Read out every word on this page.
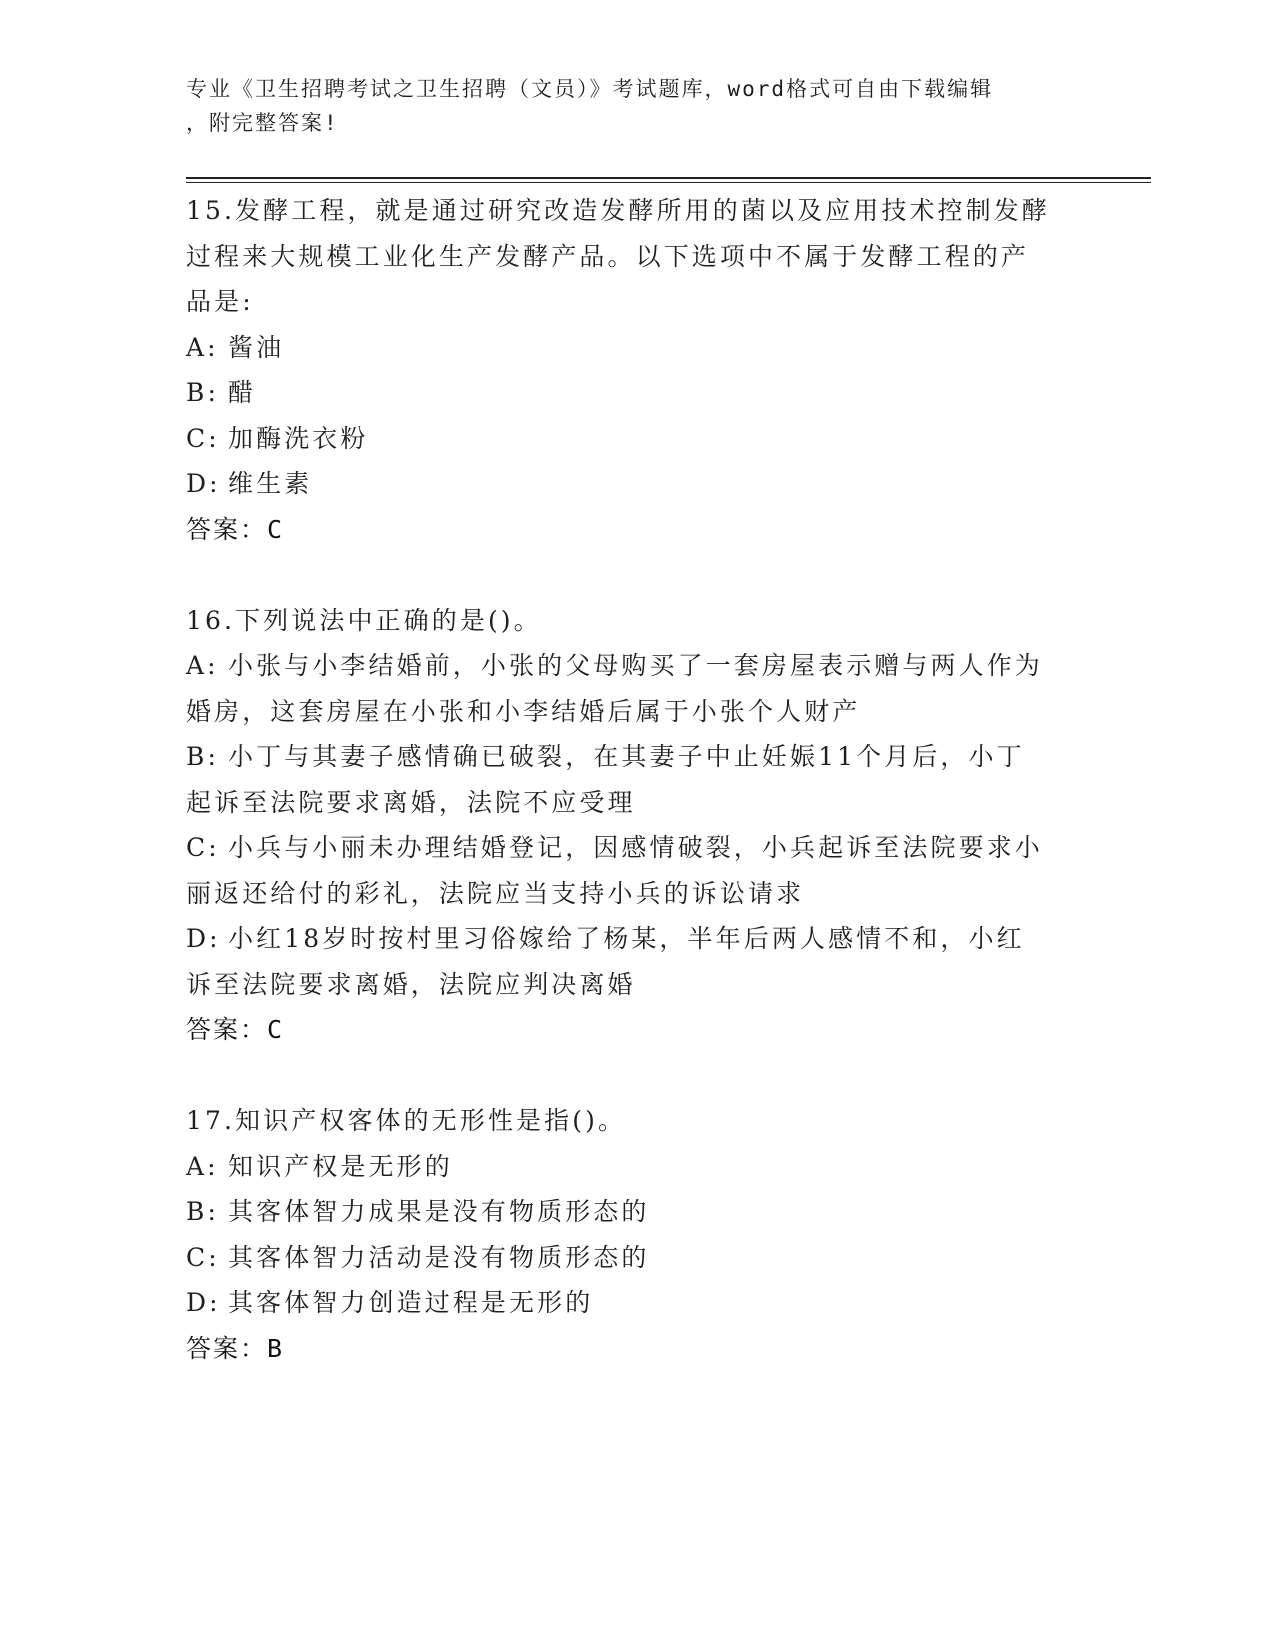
专业《卫生招聘考试之卫生招聘（文员）》考试题库，word格式可自由下载编辑
，附完整答案!
15.发酵工程，就是通过研究改造发酵所用的菌以及应用技术控制发酵
过程来大规模工业化生产发酵产品。以下选项中不属于发酵工程的产
品是:
A: 酱油
B: 醋
C: 加酶洗衣粉
D: 维生素
答案：C
16.下列说法中正确的是()。
A: 小张与小李结婚前，小张的父母购买了一套房屋表示赠与两人作为
婚房，这套房屋在小张和小李结婚后属于小张个人财产
B: 小丁与其妻子感情确已破裂，在其妻子中止妊娠11个月后，小丁
起诉至法院要求离婚，法院不应受理
C: 小兵与小丽未办理结婚登记，因感情破裂，小兵起诉至法院要求小
丽返还给付的彩礼，法院应当支持小兵的诉讼请求
D: 小红18岁时按村里习俗嫁给了杨某，半年后两人感情不和，小红
诉至法院要求离婚，法院应判决离婚
答案：C
17.知识产权客体的无形性是指()。
A: 知识产权是无形的
B: 其客体智力成果是没有物质形态的
C: 其客体智力活动是没有物质形态的
D: 其客体智力创造过程是无形的
答案：B
